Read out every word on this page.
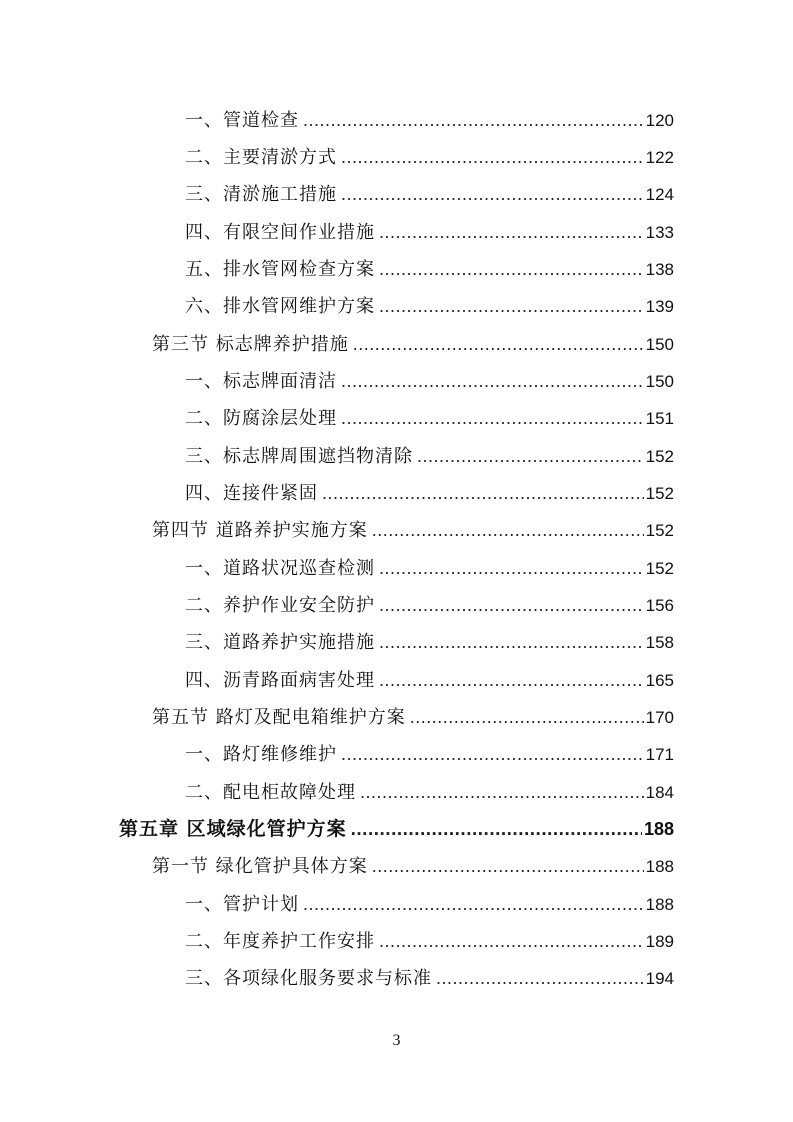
一、管道检查 .....	120
二、主要清淤方式 .....	122
三、清淤施工措施 .....	124
四、有限空间作业措施 .....	133
五、排水管网检查方案 .....	138
六、排水管网维护方案 .....	139
第三节 标志牌养护措施 .....	150
一、标志牌面清洁 .....	150
二、防腐涂层处理 .....	151
三、标志牌周围遮挡物清除 .....	152
四、连接件紧固 .....	152
第四节 道路养护实施方案 .....	152
一、道路状况巡查检测 .....	152
二、养护作业安全防护 .....	156
三、道路养护实施措施 .....	158
四、沥青路面病害处理 .....	165
第五节 路灯及配电箱维护方案 .....	170
一、路灯维修维护 .....	171
二、配电柜故障处理 .....	184
第五章 区域绿化管护方案 .....	188
第一节 绿化管护具体方案 .....	188
一、管护计划 .....	188
二、年度养护工作安排 .....	189
三、各项绿化服务要求与标准 .....	194
3
